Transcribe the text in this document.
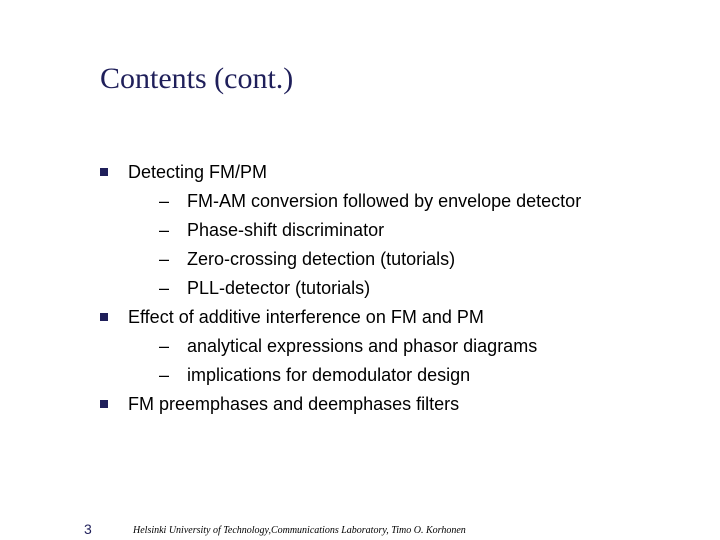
Contents (cont.)
Detecting FM/PM
– FM-AM conversion followed by envelope detector
– Phase-shift discriminator
– Zero-crossing detection (tutorials)
– PLL-detector (tutorials)
Effect of additive interference on FM and PM
– analytical expressions and phasor diagrams
– implications for demodulator design
FM preemphases and deemphases filters
3	Helsinki University of Technology,Communications Laboratory, Timo O. Korhonen
